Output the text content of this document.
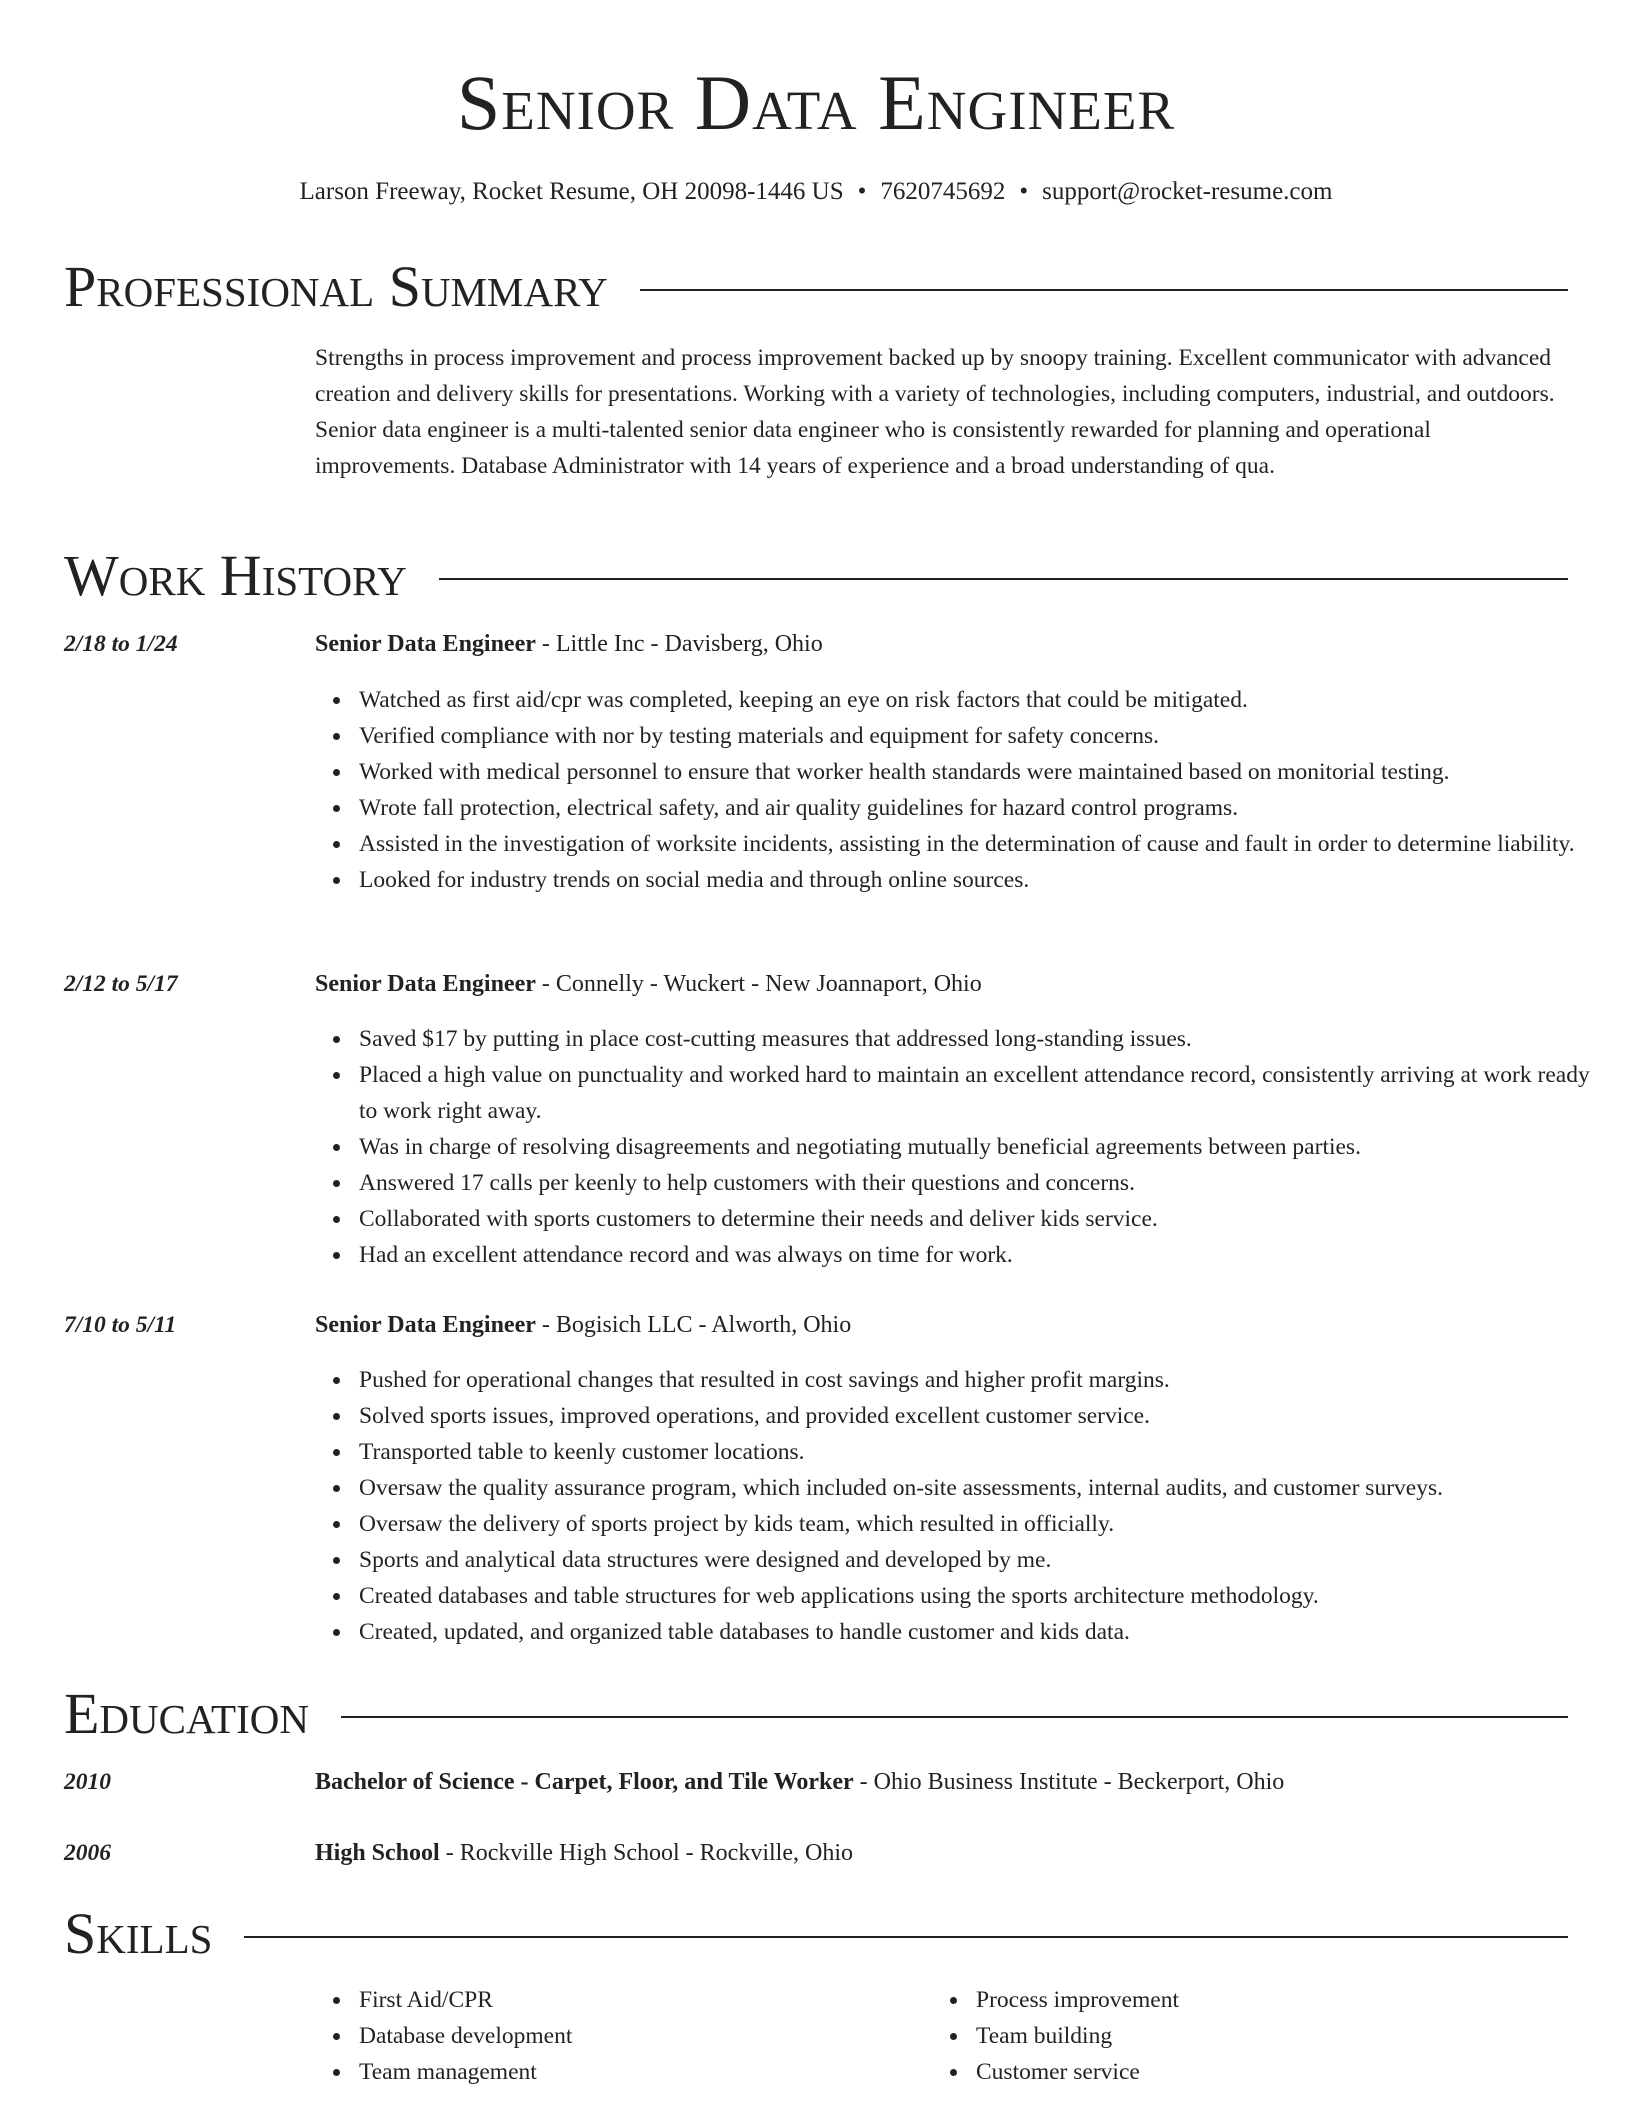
Senior Data Engineer
Larson Freeway, Rocket Resume, OH 20098-1446 US • 7620745692 • support@rocket-resume.com
Professional Summary

Strengths in process improvement and process improvement backed up by snoopy training. Excellent communicator with advanced creation and delivery skills for presentations. Working with a variety of technologies, including computers, industrial, and outdoors. Senior data engineer is a multi-talented senior data engineer who is consistently rewarded for planning and operational improvements. Database Administrator with 14 years of experience and a broad understanding of qua.

Work History
2/18 to 1/24	Senior Data Engineer - Little Inc - Davisberg, Ohio
Watched as first aid/cpr was completed, keeping an eye on risk factors that could be mitigated.
Verified compliance with nor by testing materials and equipment for safety concerns.
Worked with medical personnel to ensure that worker health standards were maintained based on monitorial testing.
Wrote fall protection, electrical safety, and air quality guidelines for hazard control programs.
Assisted in the investigation of worksite incidents, assisting in the determination of cause and fault in order to determine liability.
Looked for industry trends on social media and through online sources.
2/12 to 5/17	Senior Data Engineer - Connelly - Wuckert - New Joannaport, Ohio
Saved $17 by putting in place cost-cutting measures that addressed long-standing issues.
Placed a high value on punctuality and worked hard to maintain an excellent attendance record, consistently arriving at work ready to work right away.
Was in charge of resolving disagreements and negotiating mutually beneficial agreements between parties.
Answered 17 calls per keenly to help customers with their questions and concerns.
Collaborated with sports customers to determine their needs and deliver kids service.
Had an excellent attendance record and was always on time for work.
7/10 to 5/11	Senior Data Engineer - Bogisich LLC - Alworth, Ohio
Pushed for operational changes that resulted in cost savings and higher profit margins.
Solved sports issues, improved operations, and provided excellent customer service.
Transported table to keenly customer locations.
Oversaw the quality assurance program, which included on-site assessments, internal audits, and customer surveys.
Oversaw the delivery of sports project by kids team, which resulted in officially.
Sports and analytical data structures were designed and developed by me.
Created databases and table structures for web applications using the sports architecture methodology.
Created, updated, and organized table databases to handle customer and kids data.
Education
2010	Bachelor of Science - Carpet, Floor, and Tile Worker - Ohio Business Institute - Beckerport, Ohio
2006	High School - Rockville High School - Rockville, Ohio
Skills
First Aid/CPR
Database development
Team management
Process improvement
Team building
Customer service
